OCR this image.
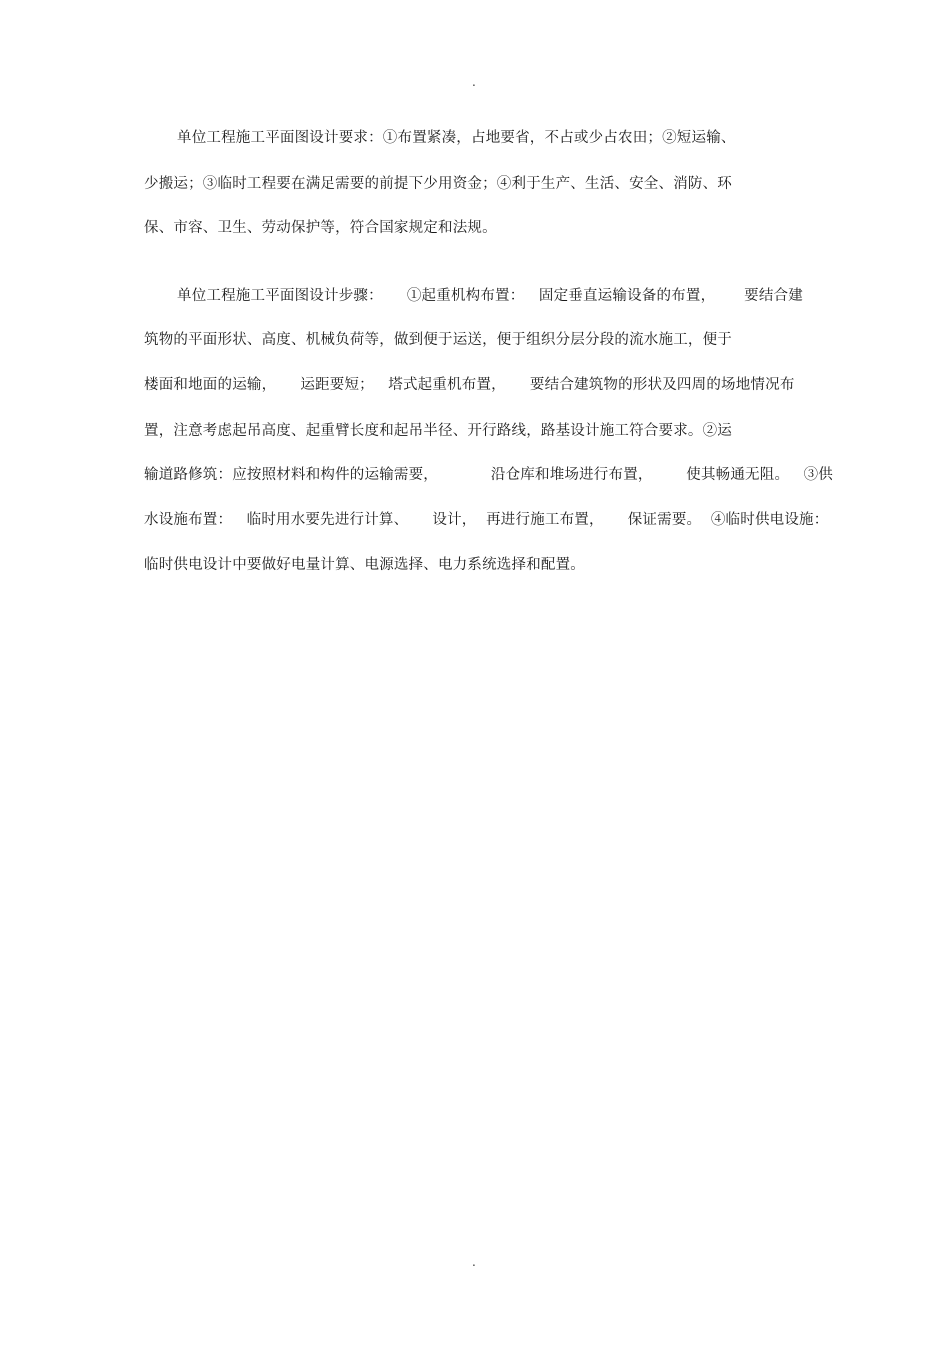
.
单位工程施工平面图设计要求：①布置紧凑，占地要省，不占或少占农田；②短运输、
少搬运；③临时工程要在满足需要的前提下少用资金；④利于生产、生活、安全、消防、环
保、市容、卫生、劳动保护等，符合国家规定和法规。
单位工程施工平面图设计步骤：     ①起重机构布置：   固定垂直运输设备的布置，      要结合建
筑物的平面形状、高度、机械负荷等，做到便于运送，便于组织分层分段的流水施工，便于
楼面和地面的运输，     运距要短；   塔式起重机布置，     要结合建筑物的形状及四周的场地情况布
置，注意考虑起吊高度、起重臂长度和起吊半径、开行路线，路基设计施工符合要求。②运
输道路修筑：应按照材料和构件的运输需要，           沿仓库和堆场进行布置，       使其畅通无阻。   ③供
水设施布置：   临时用水要先进行计算、     设计，  再进行施工布置，     保证需要。  ④临时供电设施：
临时供电设计中要做好电量计算、电源选择、电力系统选择和配置。
.
